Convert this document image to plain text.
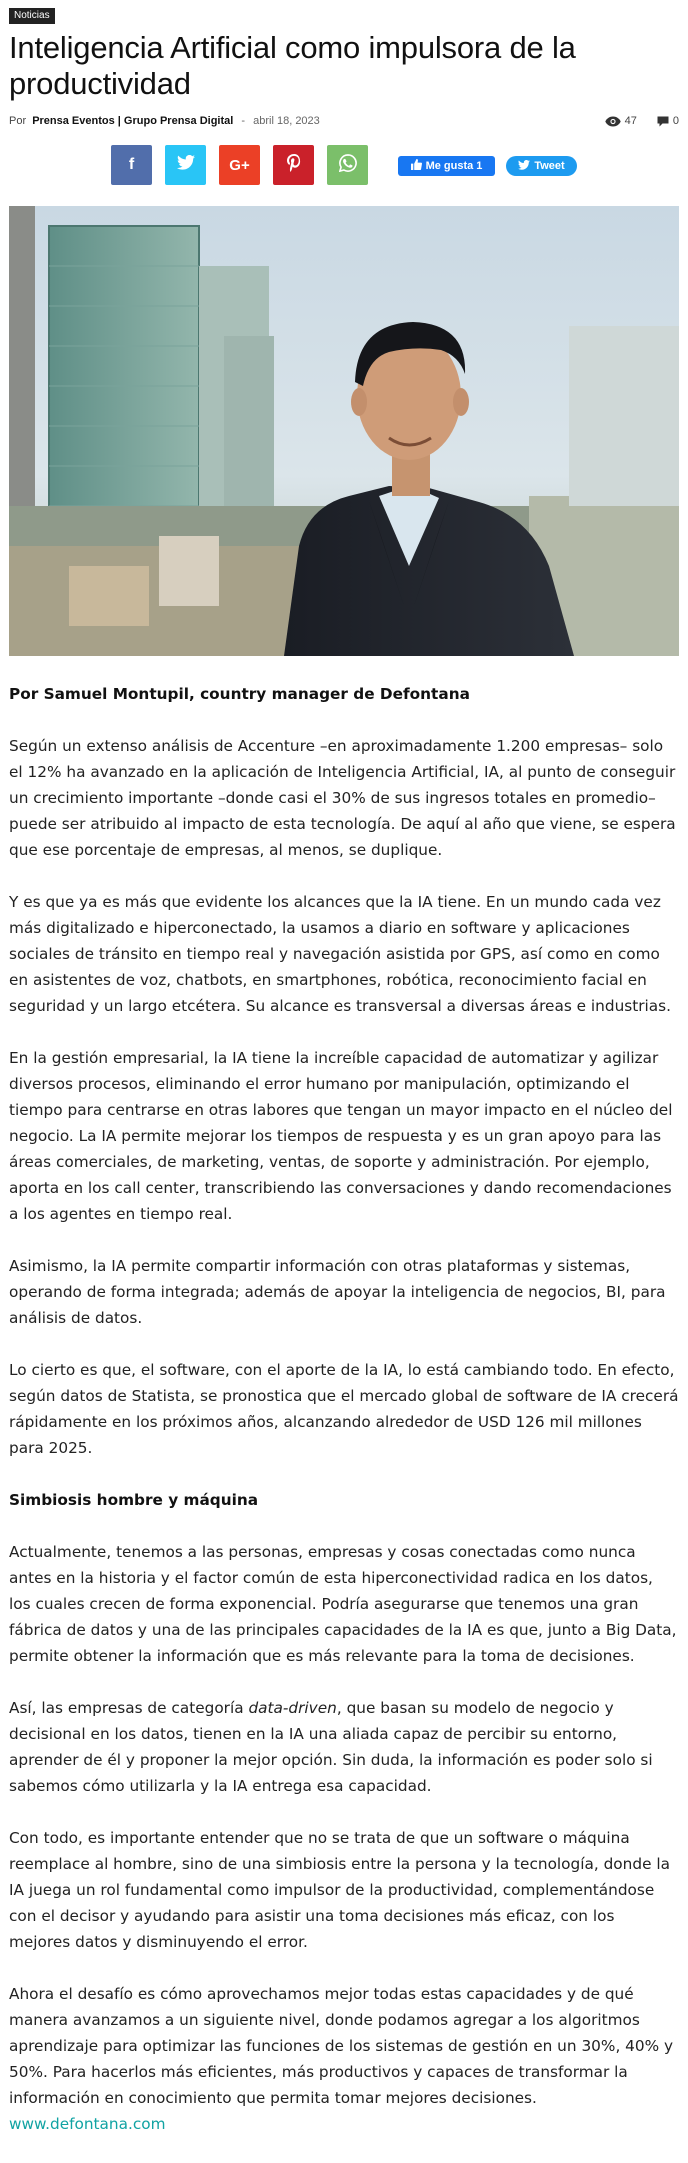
Noticias
Inteligencia Artificial como impulsora de la productividad
Por Prensa Eventos | Grupo Prensa Digital - abril 18, 2023	47	0
f	G+	Me gusta 1	Tweet

Por Samuel Montupil, country manager de Defontana

Según un extenso análisis de Accenture –en aproximadamente 1.200 empresas– solo el 12% ha avanzado en la aplicación de Inteligencia Artificial, IA, al punto de conseguir un crecimiento importante –donde casi el 30% de sus ingresos totales en promedio– puede ser atribuido al impacto de esta tecnología. De aquí al año que viene, se espera que ese porcentaje de empresas, al menos, se duplique.

Y es que ya es más que evidente los alcances que la IA tiene. En un mundo cada vez más digitalizado e hiperconectado, la usamos a diario en software y aplicaciones sociales de tránsito en tiempo real y navegación asistida por GPS, así como en como en asistentes de voz, chatbots, en smartphones, robótica, reconocimiento facial en seguridad y un largo etcétera. Su alcance es transversal a diversas áreas e industrias.

En la gestión empresarial, la IA tiene la increíble capacidad de automatizar y agilizar diversos procesos, eliminando el error humano por manipulación, optimizando el tiempo para centrarse en otras labores que tengan un mayor impacto en el núcleo del negocio. La IA permite mejorar los tiempos de respuesta y es un gran apoyo para las áreas comerciales, de marketing, ventas, de soporte y administración. Por ejemplo, aporta en los call center, transcribiendo las conversaciones y dando recomendaciones a los agentes en tiempo real.

Asimismo, la IA permite compartir información con otras plataformas y sistemas, operando de forma integrada; además de apoyar la inteligencia de negocios, BI, para análisis de datos.

Lo cierto es que, el software, con el aporte de la IA, lo está cambiando todo. En efecto, según datos de Statista, se pronostica que el mercado global de software de IA crecerá rápidamente en los próximos años, alcanzando alrededor de USD 126 mil millones para 2025.

Simbiosis hombre y máquina

Actualmente, tenemos a las personas, empresas y cosas conectadas como nunca antes en la historia y el factor común de esta hiperconectividad radica en los datos, los cuales crecen de forma exponencial. Podría asegurarse que tenemos una gran fábrica de datos y una de las principales capacidades de la IA es que, junto a Big Data, permite obtener la información que es más relevante para la toma de decisiones.

Así, las empresas de categoría data-driven, que basan su modelo de negocio y decisional en los datos, tienen en la IA una aliada capaz de percibir su entorno, aprender de él y proponer la mejor opción. Sin duda, la información es poder solo si sabemos cómo utilizarla y la IA entrega esa capacidad.

Con todo, es importante entender que no se trata de que un software o máquina reemplace al hombre, sino de una simbiosis entre la persona y la tecnología, donde la IA juega un rol fundamental como impulsor de la productividad, complementándose con el decisor y ayudando para asistir una toma decisiones más eficaz, con los mejores datos y disminuyendo el error.

Ahora el desafío es cómo aprovechamos mejor todas estas capacidades y de qué manera avanzamos a un siguiente nivel, donde podamos agregar a los algoritmos aprendizaje para optimizar las funciones de los sistemas de gestión en un 30%, 40% y 50%. Para hacerlos más eficientes, más productivos y capaces de transformar la información en conocimiento que permita tomar mejores decisiones. www.defontana.com
